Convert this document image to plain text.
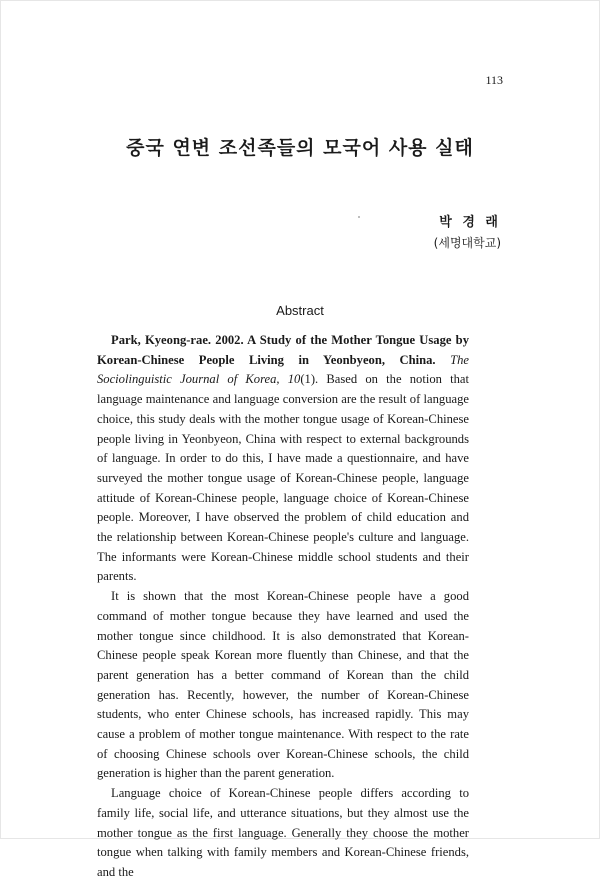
113
중국 연변 조선족들의 모국어 사용 실태
박 경 래
(세명대학교)
Abstract

Park, Kyeong-rae. 2002. A Study of the Mother Tongue Usage by Korean-Chinese People Living in Yeonbyeon, China. The Sociolinguistic Journal of Korea, 10(1). Based on the notion that language maintenance and language conversion are the result of language choice, this study deals with the mother tongue usage of Korean-Chinese people living in Yeonbyeon, China with respect to external backgrounds of language. In order to do this, I have made a questionnaire, and have surveyed the mother tongue usage of Korean-Chinese people, language attitude of Korean-Chinese people, language choice of Korean-Chinese people. Moreover, I have observed the problem of child education and the relationship between Korean-Chinese people's culture and language. The informants were Korean-Chinese middle school students and their parents.

It is shown that the most Korean-Chinese people have a good command of mother tongue because they have learned and used the mother tongue since childhood. It is also demonstrated that Korean-Chinese people speak Korean more fluently than Chinese, and that the parent generation has a better command of Korean than the child generation has. Recently, however, the number of Korean-Chinese students, who enter Chinese schools, has increased rapidly. This may cause a problem of mother tongue maintenance. With respect to the rate of choosing Chinese schools over Korean-Chinese schools, the child generation is higher than the parent generation.

Language choice of Korean-Chinese people differs according to family life, social life, and utterance situations, but they almost use the mother tongue as the first language. Generally they choose the mother tongue when talking with family members and Korean-Chinese friends, and the
